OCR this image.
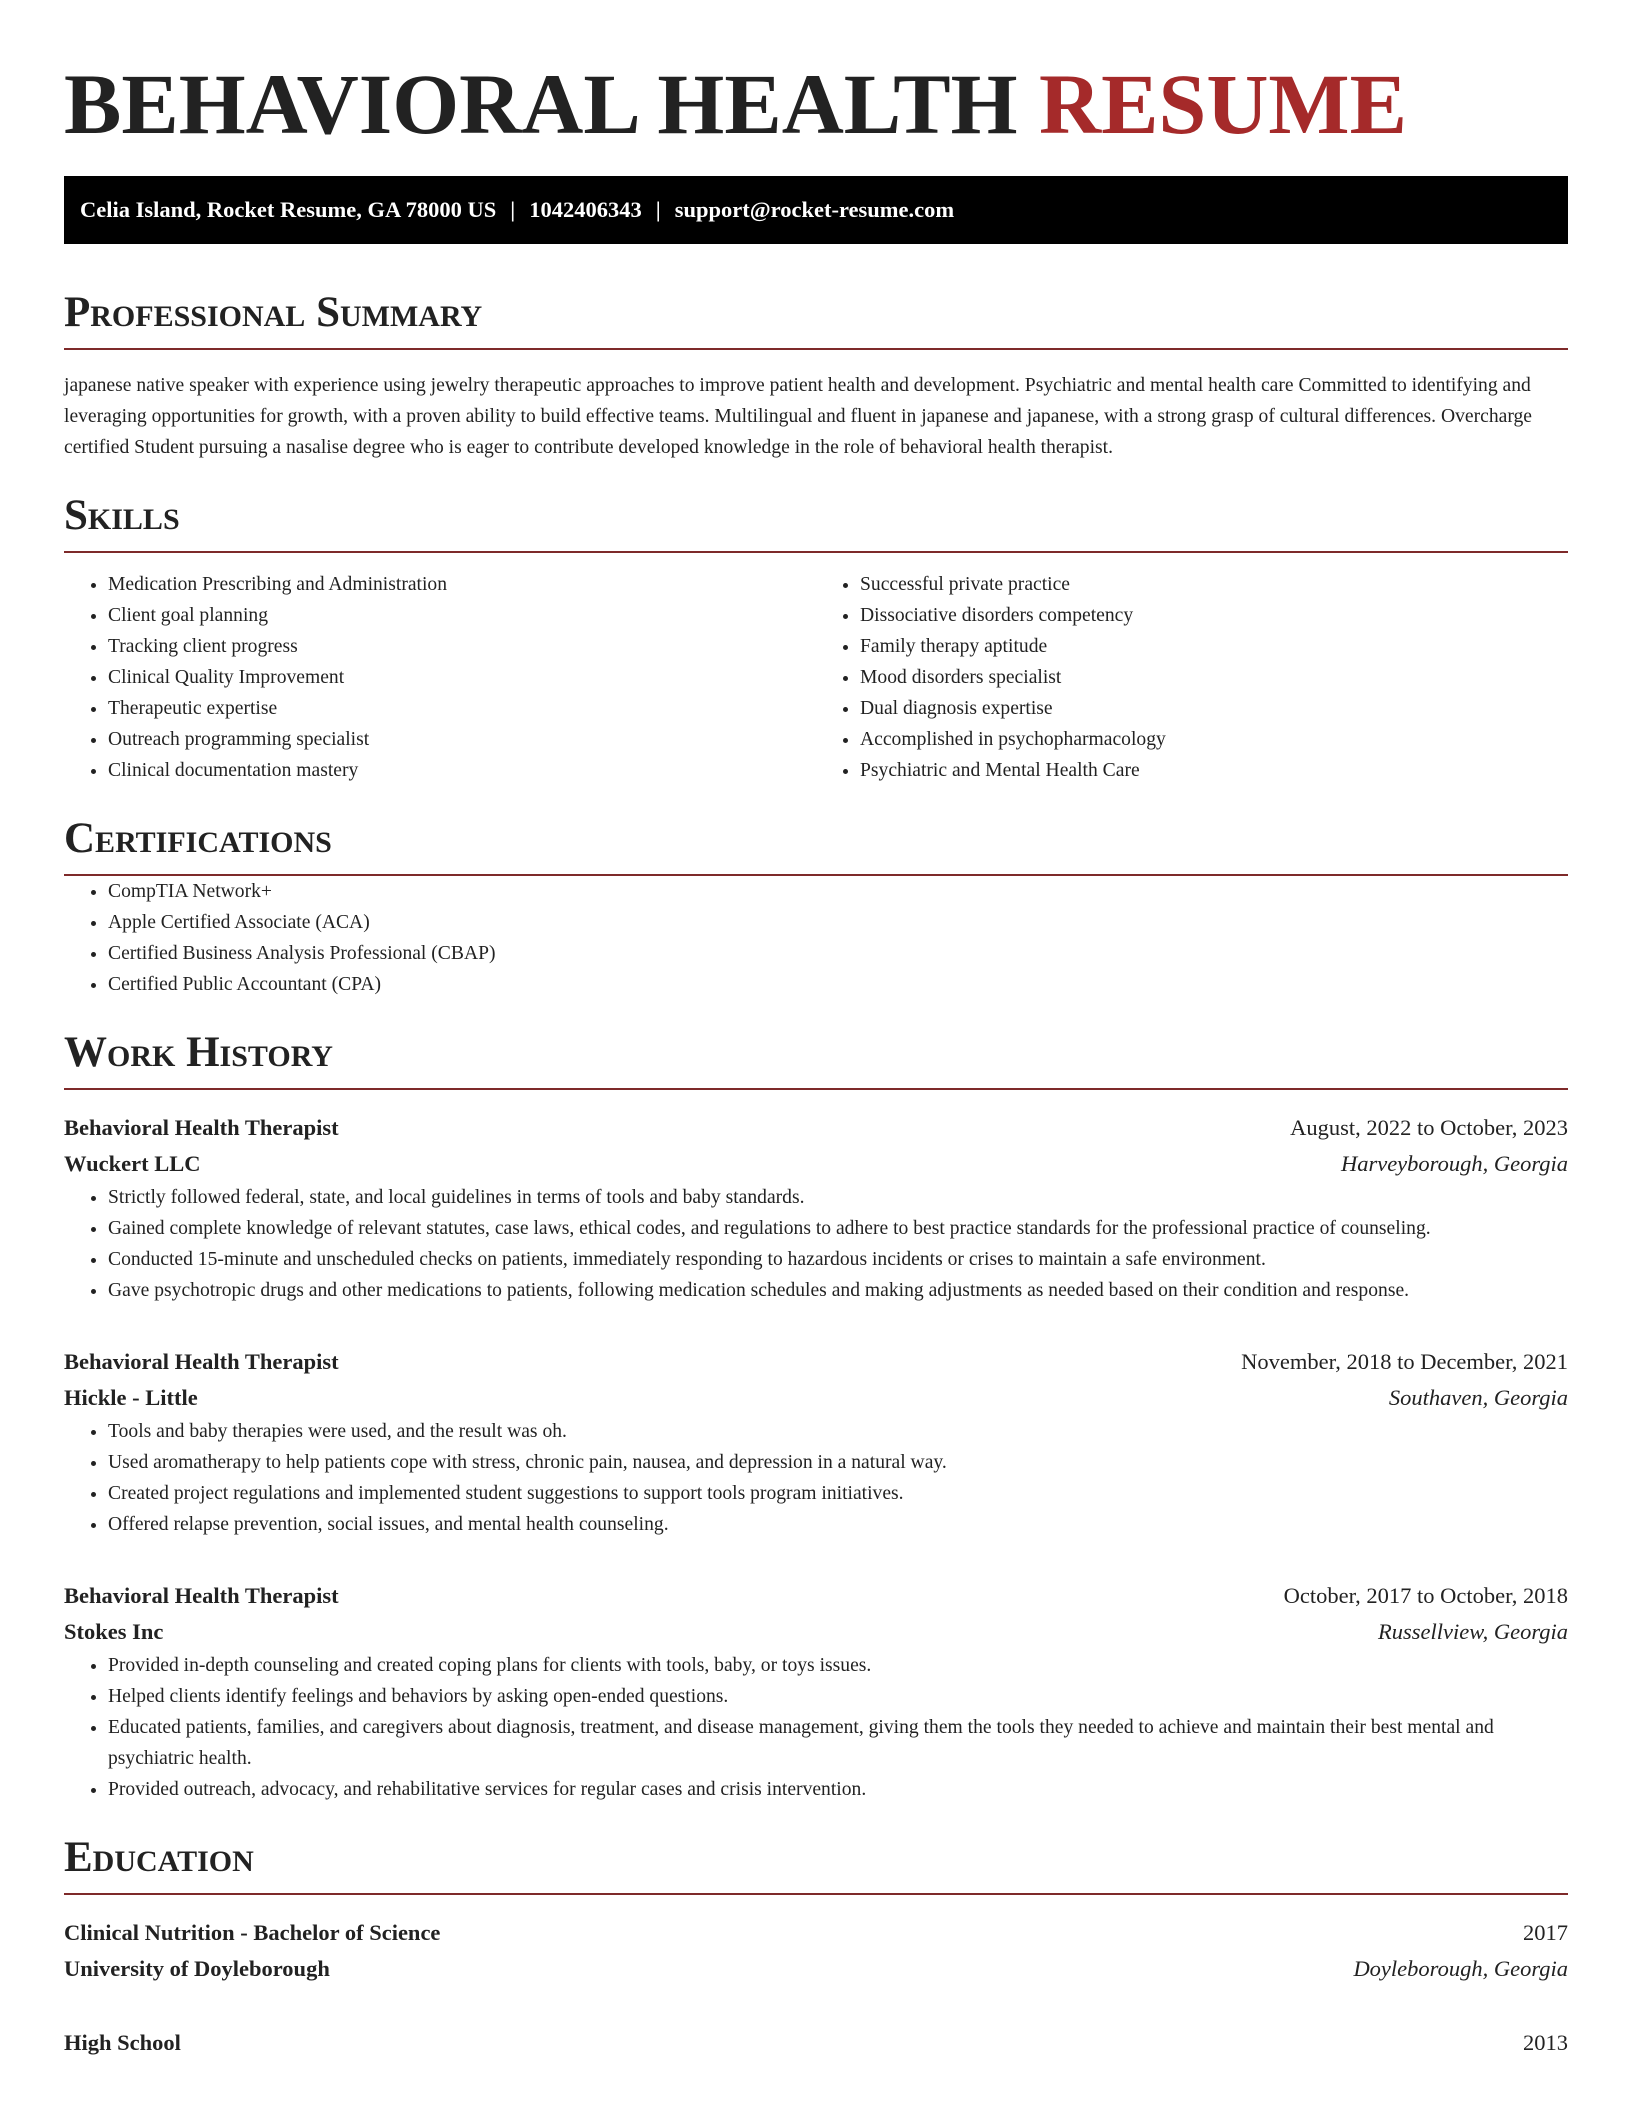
BEHAVIORAL HEALTH RESUME
Celia Island, Rocket Resume, GA 78000 US | 1042406343 | support@rocket-resume.com
Professional Summary

japanese native speaker with experience using jewelry therapeutic approaches to improve patient health and development. Psychiatric and mental health care Committed to identifying and leveraging opportunities for growth, with a proven ability to build effective teams. Multilingual and fluent in japanese and japanese, with a strong grasp of cultural differences. Overcharge certified Student pursuing a nasalise degree who is eager to contribute developed knowledge in the role of behavioral health therapist.

Skills
• Medication Prescribing and Administration
• Client goal planning
• Tracking client progress
• Clinical Quality Improvement
• Therapeutic expertise
• Outreach programming specialist
• Clinical documentation mastery
• Successful private practice
• Dissociative disorders competency
• Family therapy aptitude
• Mood disorders specialist
• Dual diagnosis expertise
• Accomplished in psychopharmacology
• Psychiatric and Mental Health Care
Certifications
• CompTIA Network+
• Apple Certified Associate (ACA)
• Certified Business Analysis Professional (CBAP)
• Certified Public Accountant (CPA)
Work History
Behavioral Health Therapist	August, 2022 to October, 2023
Wuckert LLC	Harveyborough, Georgia
• Strictly followed federal, state, and local guidelines in terms of tools and baby standards.
• Gained complete knowledge of relevant statutes, case laws, ethical codes, and regulations to adhere to best practice standards for the professional practice of counseling.
• Conducted 15-minute and unscheduled checks on patients, immediately responding to hazardous incidents or crises to maintain a safe environment.
• Gave psychotropic drugs and other medications to patients, following medication schedules and making adjustments as needed based on their condition and response.
Behavioral Health Therapist	November, 2018 to December, 2021
Hickle - Little	Southaven, Georgia
• Tools and baby therapies were used, and the result was oh.
• Used aromatherapy to help patients cope with stress, chronic pain, nausea, and depression in a natural way.
• Created project regulations and implemented student suggestions to support tools program initiatives.
• Offered relapse prevention, social issues, and mental health counseling.
Behavioral Health Therapist	October, 2017 to October, 2018
Stokes Inc	Russellview, Georgia
• Provided in-depth counseling and created coping plans for clients with tools, baby, or toys issues.
• Helped clients identify feelings and behaviors by asking open-ended questions.
• Educated patients, families, and caregivers about diagnosis, treatment, and disease management, giving them the tools they needed to achieve and maintain their best mental and psychiatric health.
• Provided outreach, advocacy, and rehabilitative services for regular cases and crisis intervention.
Education
Clinical Nutrition - Bachelor of Science	2017
University of Doyleborough	Doyleborough, Georgia
High School	2013
